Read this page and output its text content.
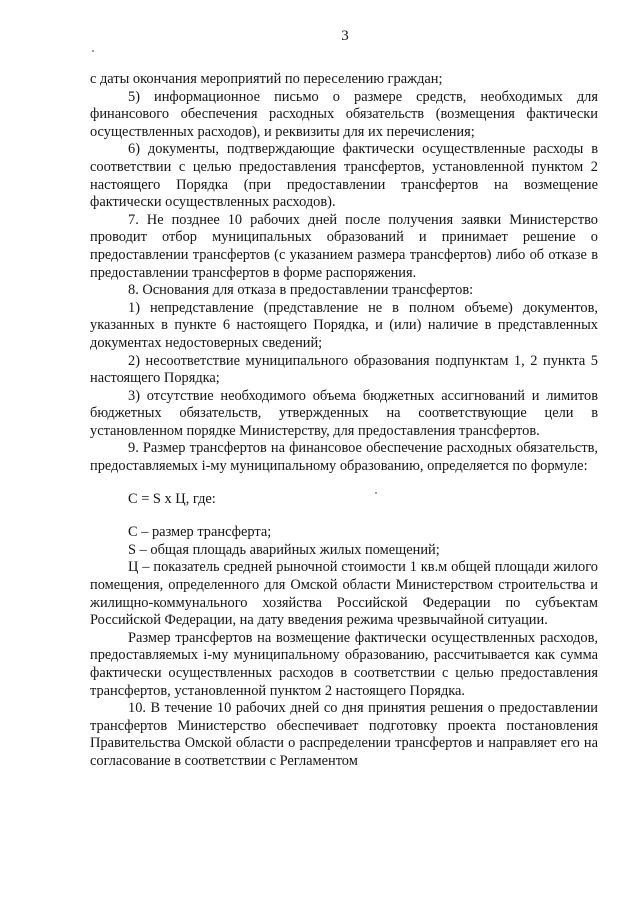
3

с даты окончания мероприятий по переселению граждан;

5) информационное письмо о размере средств, необходимых для финансового обеспечения расходных обязательств (возмещения фактически осуществленных расходов), и реквизиты для их перечисления;

6) документы, подтверждающие фактически осуществленные расходы в соответствии с целью предоставления трансфертов, установленной пунктом 2 настоящего Порядка (при предоставлении трансфертов на возмещение фактически осуществленных расходов).

7. Не позднее 10 рабочих дней после получения заявки Министерство проводит отбор муниципальных образований и принимает решение о предоставлении трансфертов (с указанием размера трансфертов) либо об отказе в предоставлении трансфертов в форме распоряжения.

8. Основания для отказа в предоставлении трансфертов:

1) непредставление (представление не в полном объеме) документов, указанных в пункте 6 настоящего Порядка, и (или) наличие в представленных документах недостоверных сведений;

2) несоответствие муниципального образования подпунктам 1, 2 пункта 5 настоящего Порядка;

3) отсутствие необходимого объема бюджетных ассигнований и лимитов бюджетных обязательств, утвержденных на соответствующие цели в установленном порядке Министерству, для предоставления трансфертов.

9. Размер трансфертов на финансовое обеспечение расходных обязательств, предоставляемых i-му муниципальному образованию, определяется по формуле:

С = S х Ц, где:

С – размер трансферта;

S – общая площадь аварийных жилых помещений;

Ц – показатель средней рыночной стоимости 1 кв.м общей площади жилого помещения, определенного для Омской области Министерством строительства и жилищно-коммунального хозяйства Российской Федерации по субъектам Российской Федерации, на дату введения режима чрезвычайной ситуации.

Размер трансфертов на возмещение фактически осуществленных расходов, предоставляемых i-му муниципальному образованию, рассчитывается как сумма фактически осуществленных расходов в соответствии с целью предоставления трансфертов, установленной пунктом 2 настоящего Порядка.

10. В течение 10 рабочих дней со дня принятия решения о предоставлении трансфертов Министерство обеспечивает подготовку проекта постановления Правительства Омской области о распределении трансфертов и направляет его на согласование в соответствии с Регламентом
